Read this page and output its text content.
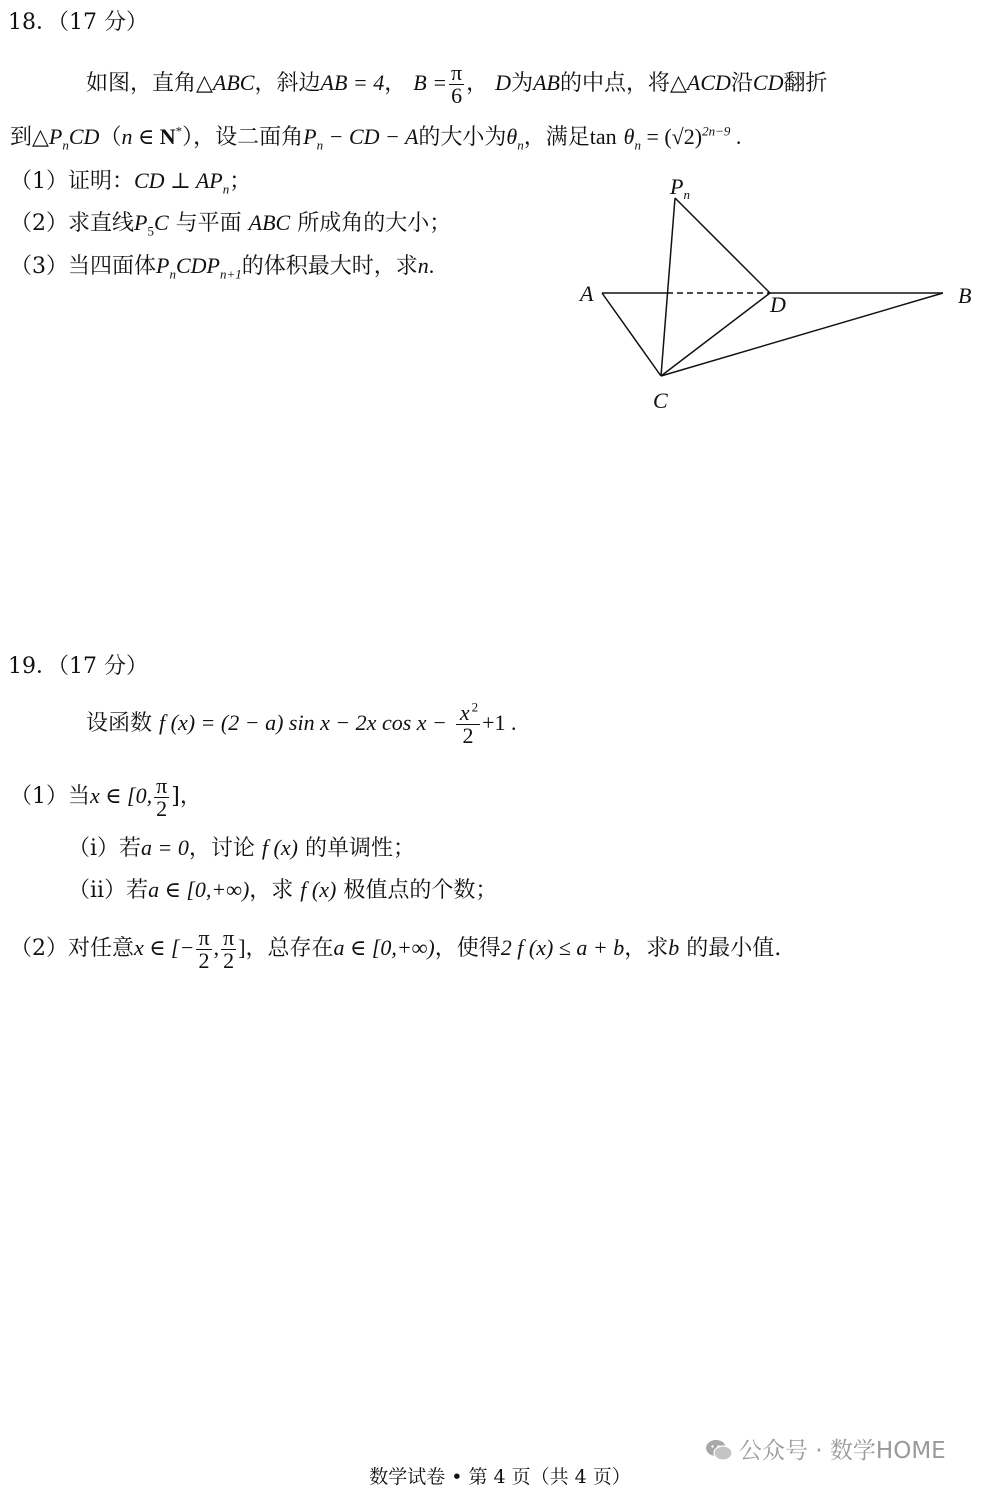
18．（17 分）
如图，直角△ABC，斜边AB = 4， $B = \frac{\pi}{6}$ ， D为AB的中点，将△ACD沿CD翻折
到$\triangle P_nCD(n$ ∈ N*），设二面角$P_n$ − CD − A的大小为$\theta_n$，满足$\tan \theta_n = (√2)^{2n-9}$ .
（1）证明：CD ⊥ $AP_n$；
（2）求直线$P_5C$ 与平面 ABC 所成角的大小；
（3）当四面体$P_nCDP_{n+1}$的体积最大时，求n.
$P_n$
A	D	B
C
19．（17 分）
设函数 f (x) = (2 − a) sin x − 2x $\cos x - \frac{x ^2}{2} +1$ .
（1）当x ∈ [0, $\frac{\pi}{2}$ ]，
（i）若a = 0，讨论 f (x) 的单调性；
（ii）若a ∈ [0,+∞)，求 f (x) 极值点的个数；
（2）对任意x ∈ [− $\frac{\pi}{2}$ , $\frac{\pi}{2}$ ]，总存在a ∈ [0,+∞)，使得2 f (x) ≤ a + b，求b 的最小值.
公众号 · 数学HOME
数学试卷 • 第 4 页（共 4 页）
